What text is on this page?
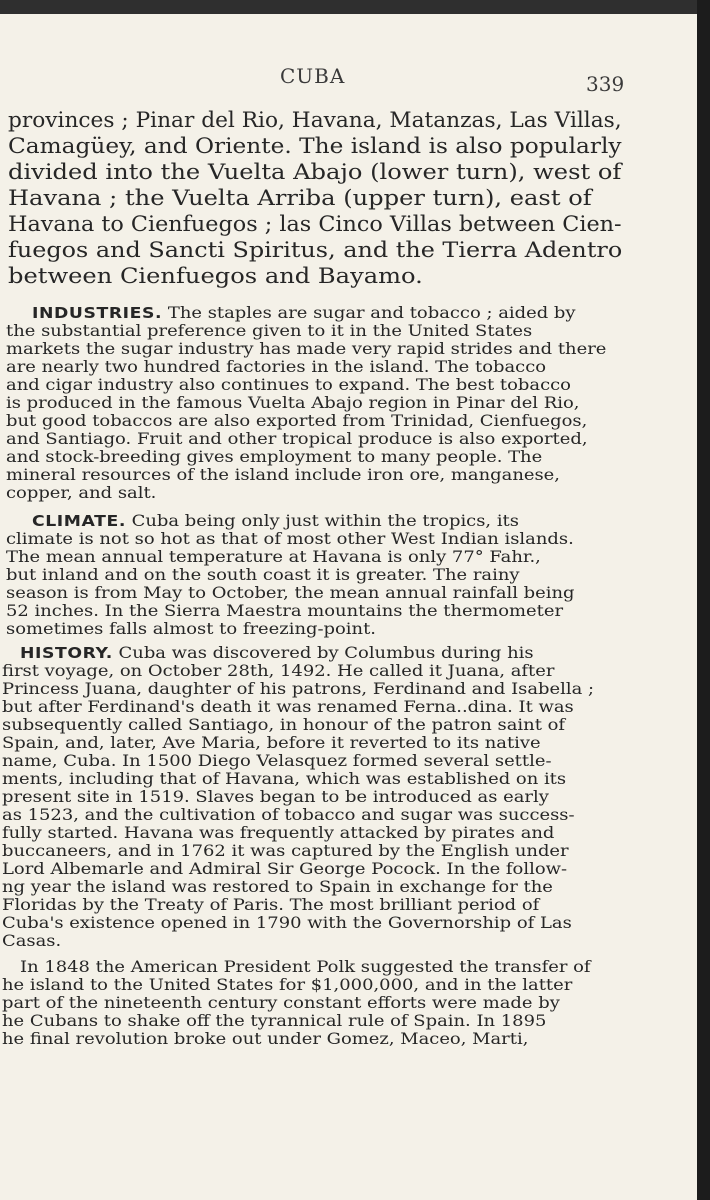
CUBA	339
provinces ; Pinar del Rio, Havana, Matanzas, Las Villas,
Camagüey, and Oriente. The island is also popularly
divided into the Vuelta Abajo (lower turn), west of
Havana ; the Vuelta Arriba (upper turn), east of
Havana to Cienfuegos ; las Cinco Villas between Cien-
fuegos and Sancti Spiritus, and the Tierra Adentro
between Cienfuegos and Bayamo.
INDUSTRIES. The staples are sugar and tobacco ; aided by
the substantial preference given to it in the United States
markets the sugar industry has made very rapid strides and there
are nearly two hundred factories in the island. The tobacco
and cigar industry also continues to expand. The best tobacco
is produced in the famous Vuelta Abajo region in Pinar del Rio,
but good tobaccos are also exported from Trinidad, Cienfuegos,
and Santiago. Fruit and other tropical produce is also exported,
and stock-breeding gives employment to many people. The
mineral resources of the island include iron ore, manganese,
copper, and salt.
CLIMATE. Cuba being only just within the tropics, its
climate is not so hot as that of most other West Indian islands.
The mean annual temperature at Havana is only 77° Fahr.,
but inland and on the south coast it is greater. The rainy
season is from May to October, the mean annual rainfall being
52 inches. In the Sierra Maestra mountains the thermometer
sometimes falls almost to freezing-point.
HISTORY. Cuba was discovered by Columbus during his
first voyage, on October 28th, 1492. He called it Juana, after
Princess Juana, daughter of his patrons, Ferdinand and Isabella ;
but after Ferdinand's death it was renamed Ferna..dina. It was
subsequently called Santiago, in honour of the patron saint of
Spain, and, later, Ave Maria, before it reverted to its native
name, Cuba. In 1500 Diego Velasquez formed several settle-
ments, including that of Havana, which was established on its
present site in 1519. Slaves began to be introduced as early
as 1523, and the cultivation of tobacco and sugar was success-
fully started. Havana was frequently attacked by pirates and
buccaneers, and in 1762 it was captured by the English under
Lord Albemarle and Admiral Sir George Pocock. In the follow-
ng year the island was restored to Spain in exchange for the
Floridas by the Treaty of Paris. The most brilliant period of
Cuba's existence opened in 1790 with the Governorship of Las
Casas.
In 1848 the American President Polk suggested the transfer of
he island to the United States for $1,000,000, and in the latter
part of the nineteenth century constant efforts were made by
he Cubans to shake off the tyrannical rule of Spain. In 1895
he final revolution broke out under Gomez, Maceo, Marti,
